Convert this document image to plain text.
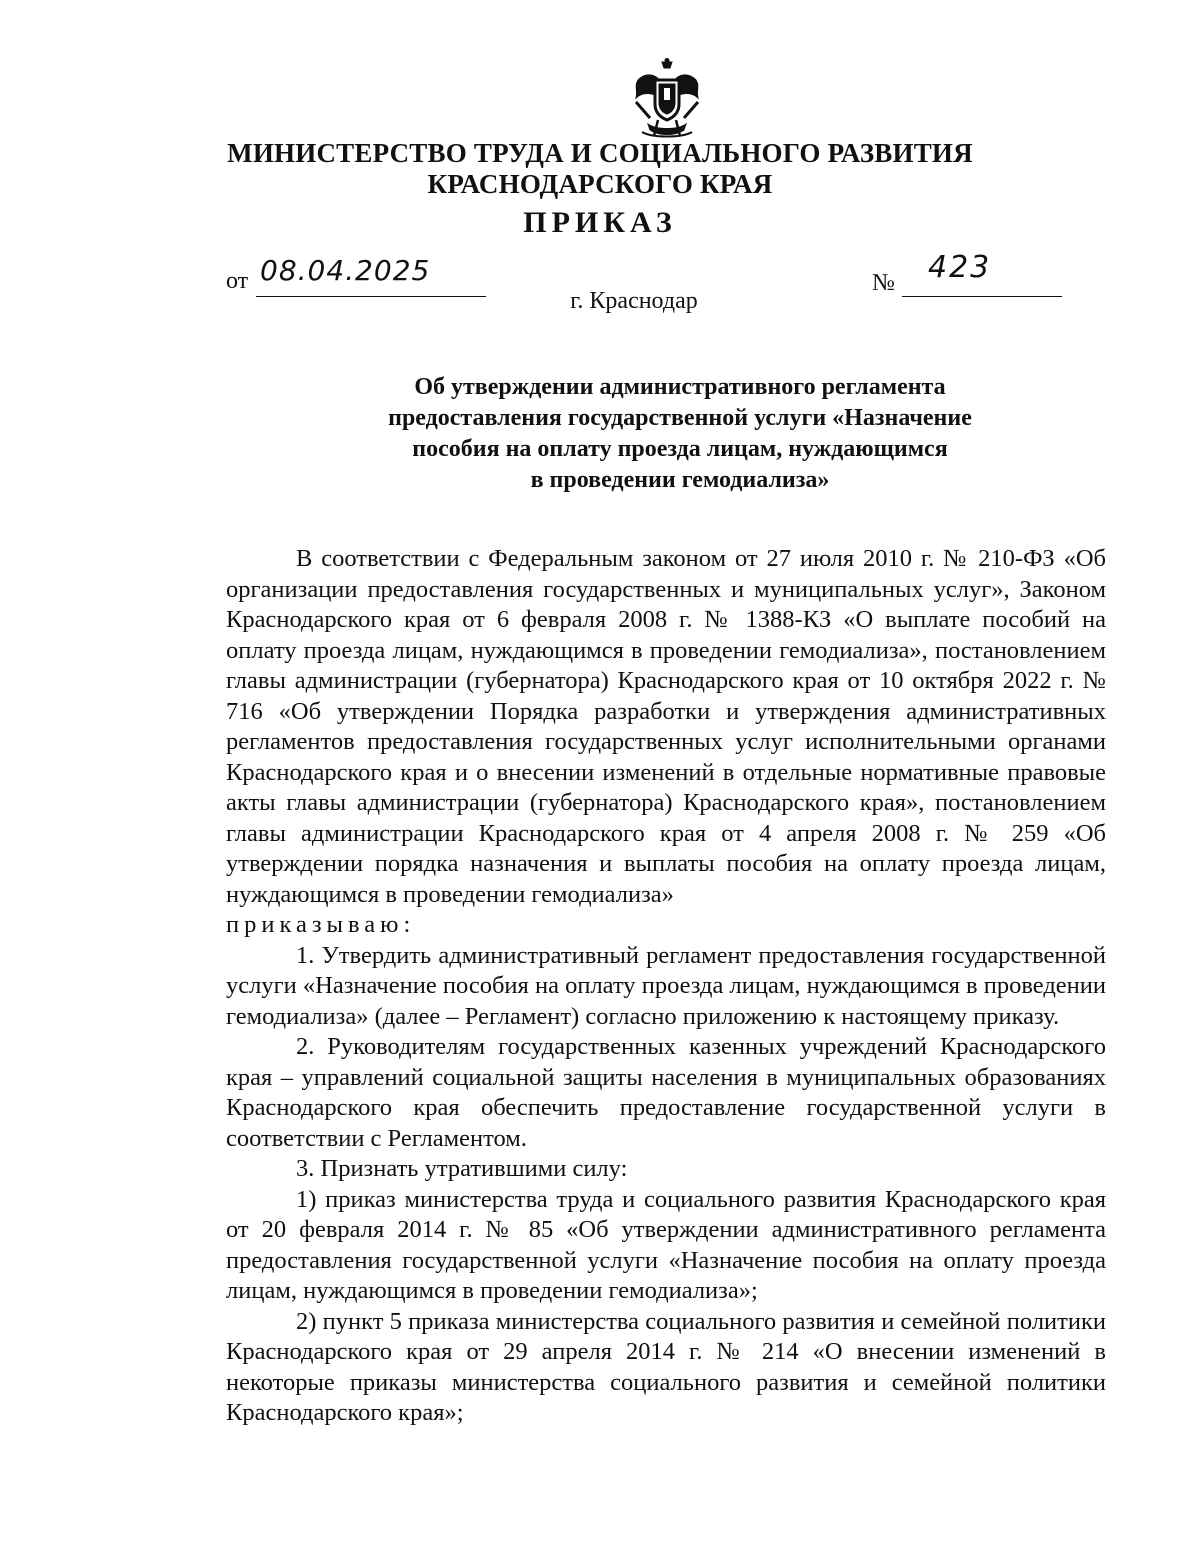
МИНИСТЕРСТВО ТРУДА И СОЦИАЛЬНОГО РАЗВИТИЯ
КРАСНОДАРСКОГО КРАЯ
ПРИКАЗ
от 08.04.2025	№ 423
г. Краснодар
Об утверждении административного регламента
предоставления государственной услуги «Назначение
пособия на оплату проезда лицам, нуждающимся
в проведении гемодиализа»

В соответствии с Федеральным законом от 27 июля 2010 г. № 210-ФЗ «Об организации предоставления государственных и муниципальных услуг», Законом Краснодарского края от 6 февраля 2008 г. № 1388-КЗ «О выплате пособий на оплату проезда лицам, нуждающимся в проведении гемодиализа», постановлением главы администрации (губернатора) Краснодарского края от 10 октября 2022 г. № 716 «Об утверждении Порядка разработки и утверждения административных регламентов предоставления государственных услуг исполнительными органами Краснодарского края и о внесении изменений в отдельные нормативные правовые акты главы администрации (губернатора) Краснодарского края», постановлением главы администрации Краснодарского края от 4 апреля 2008 г. № 259 «Об утверждении порядка назначения и выплаты пособия на оплату проезда лицам, нуждающимся в проведении гемодиализа»

приказываю:

1. Утвердить административный регламент предоставления государственной услуги «Назначение пособия на оплату проезда лицам, нуждающимся в проведении гемодиализа» (далее – Регламент) согласно приложению к настоящему приказу.

2. Руководителям государственных казенных учреждений Краснодарского края – управлений социальной защиты населения в муниципальных образованиях Краснодарского края обеспечить предоставление государственной услуги в соответствии с Регламентом.

3. Признать утратившими силу:

1) приказ министерства труда и социального развития Краснодарского края от 20 февраля 2014 г. № 85 «Об утверждении административного регламента предоставления государственной услуги «Назначение пособия на оплату проезда лицам, нуждающимся в проведении гемодиализа»;

2) пункт 5 приказа министерства социального развития и семейной политики Краснодарского края от 29 апреля 2014 г. № 214 «О внесении изменений в некоторые приказы министерства социального развития и семейной политики Краснодарского края»;
